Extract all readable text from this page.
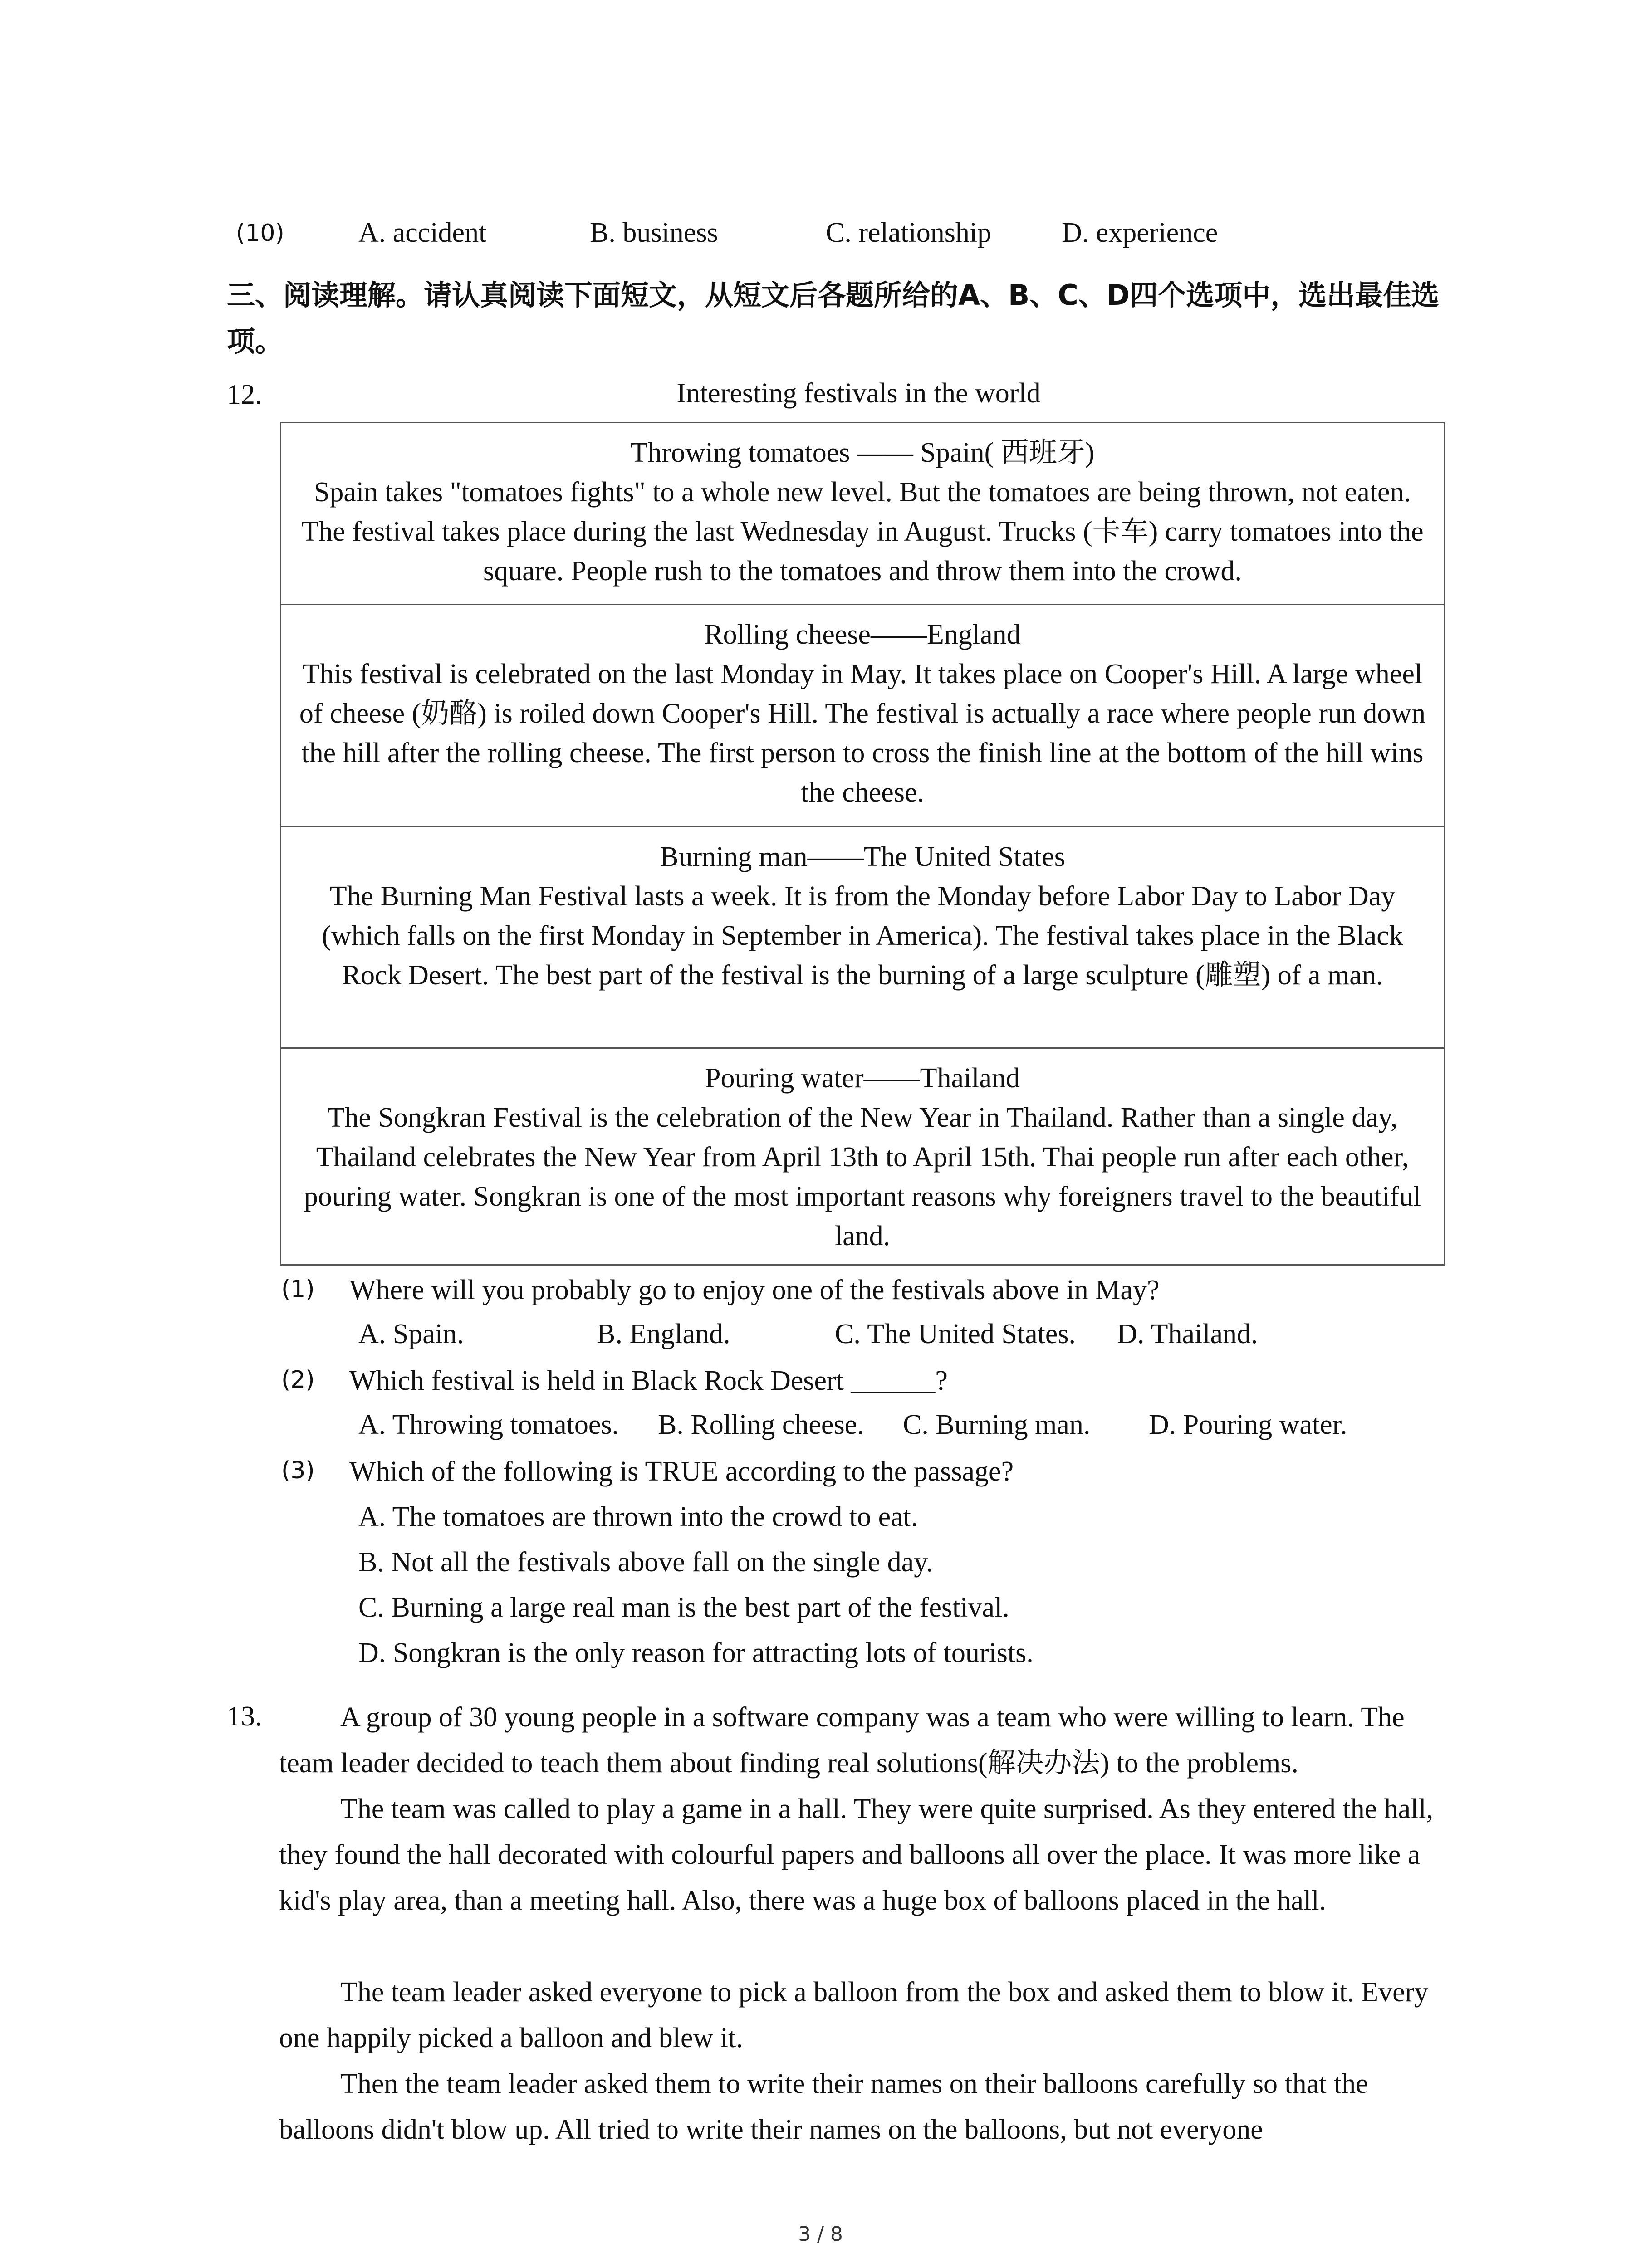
(10)	A. accident	B. business	C. relationship D. experience
三、阅读理解。请认真阅读下面短文，从短文后各题所给的A、B、C、D四个选项中，选出最佳选项。
12.	Interesting festivals in the world
Throwing tomatoes —— Spain( 西班牙)
Spain takes "tomatoes fights" to a whole new level. But the tomatoes are being thrown, not eaten. The festival takes place during the last Wednesday in August. Trucks (卡车) carry tomatoes into the square. People rush to the tomatoes and throw them into the crowd.
Rolling cheese——England
This festival is celebrated on the last Monday in May. It takes place on Cooper's Hill. A large wheel of cheese (奶酪) is roiled down Cooper's Hill. The festival is actually a race where people run down the hill after the rolling cheese. The first person to cross the finish line at the bottom of the hill wins the cheese.
Burning man——The United States
The Burning Man Festival lasts a week. It is from the Monday before Labor Day to Labor Day (which falls on the first Monday in September in America). The festival takes place in the Black Rock Desert. The best part of the festival is the burning of a large sculpture (雕塑) of a man.
Pouring water——Thailand
The Songkran Festival is the celebration of the New Year in Thailand. Rather than a single day, Thailand celebrates the New Year from April 13th to April 15th. Thai people run after each other, pouring water. Songkran is one of the most important reasons why foreigners travel to the beautiful land.
(1) Where will you probably go to enjoy one of the festivals above in May?
A. Spain.	B. England.	C. The United States. D. Thailand.
(2) Which festival is held in Black Rock Desert ______?
A. Throwing tomatoes. B. Rolling cheese. C. Burning man. D. Pouring water.
(3) Which of the following is TRUE according to the passage?
A. The tomatoes are thrown into the crowd to eat.
B. Not all the festivals above fall on the single day.
C. Burning a large real man is the best part of the festival.
D. Songkran is the only reason for attracting lots of tourists.
13.	A group of 30 young people in a software company was a team who were willing to learn. The team leader decided to teach them about finding real solutions(解决办法) to the problems.

The team was called to play a game in a hall. They were quite surprised. As they entered the hall, they found the hall decorated with colourful papers and balloons all over the place. It was more like a kid's play area, than a meeting hall. Also, there was a huge box of balloons placed in the hall.

The team leader asked everyone to pick a balloon from the box and asked them to blow it. Every one happily picked a balloon and blew it.

Then the team leader asked them to write their names on their balloons carefully so that the balloons didn't blow up. All tried to write their names on the balloons, but not everyone

3 / 8
